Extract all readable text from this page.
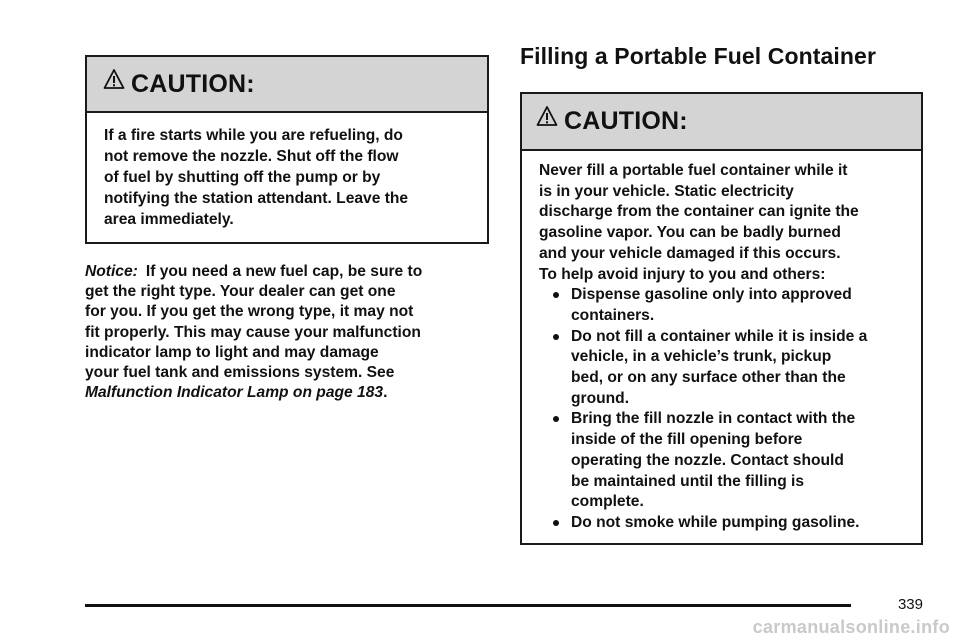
CAUTION:
If a fire starts while you are refueling, do
not remove the nozzle. Shut off the flow
of fuel by shutting off the pump or by
notifying the station attendant. Leave the
area immediately.
Notice: If you need a new fuel cap, be sure to
get the right type. Your dealer can get one
for you. If you get the wrong type, it may not
fit properly. This may cause your malfunction
indicator lamp to light and may damage
your fuel tank and emissions system. See
Malfunction Indicator Lamp on page 183.
Filling a Portable Fuel Container
CAUTION:
Never fill a portable fuel container while it
is in your vehicle. Static electricity
discharge from the container can ignite the
gasoline vapor. You can be badly burned
and your vehicle damaged if this occurs.
To help avoid injury to you and others:
Dispense gasoline only into approved
containers.
Do not fill a container while it is inside a
vehicle, in a vehicle’s trunk, pickup
bed, or on any surface other than the
ground.
Bring the fill nozzle in contact with the
inside of the fill opening before
operating the nozzle. Contact should
be maintained until the filling is
complete.
Do not smoke while pumping gasoline.
339
carmanualsonline.info
